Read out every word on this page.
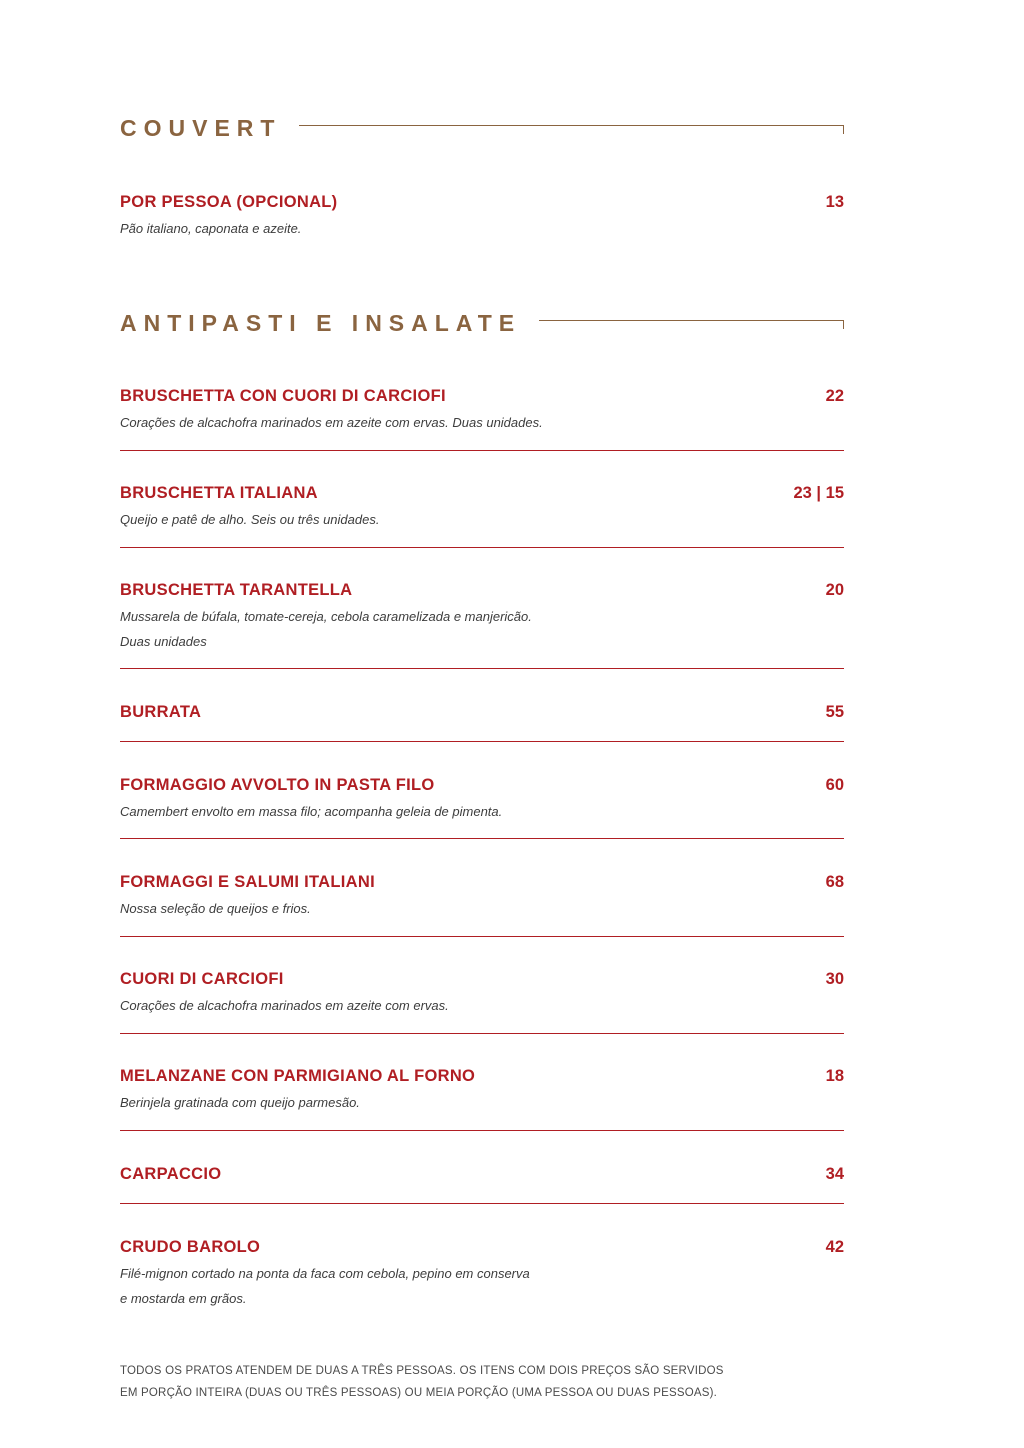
COUVERT
POR PESSOA (OPCIONAL)	13
Pão italiano, caponata e azeite.
ANTIPASTI E INSALATE
BRUSCHETTA CON CUORI DI CARCIOFI	22
Corações de alcachofra marinados em azeite com ervas. Duas unidades.
BRUSCHETTA ITALIANA	23 | 15
Queijo e patê de alho. Seis ou três unidades.
BRUSCHETTA TARANTELLA	20
Mussarela de búfala, tomate-cereja, cebola caramelizada e manjericão.
Duas unidades
BURRATA	55
FORMAGGIO AVVOLTO IN PASTA FILO	60
Camembert envolto em massa filo; acompanha geleia de pimenta.
FORMAGGI E SALUMI ITALIANI	68
Nossa seleção de queijos e frios.
CUORI DI CARCIOFI	30
Corações de alcachofra marinados em azeite com ervas.
MELANZANE CON PARMIGIANO AL FORNO	18
Berinjela gratinada com queijo parmesão.
CARPACCIO	34
CRUDO BAROLO	42
Filé-mignon cortado na ponta da faca com cebola, pepino em conserva
e mostarda em grãos.
TODOS OS PRATOS ATENDEM DE DUAS A TRÊS PESSOAS. OS ITENS COM DOIS PREÇOS SÃO SERVIDOS
EM PORÇÃO INTEIRA (DUAS OU TRÊS PESSOAS) OU MEIA PORÇÃO (UMA PESSOA OU DUAS PESSOAS).
